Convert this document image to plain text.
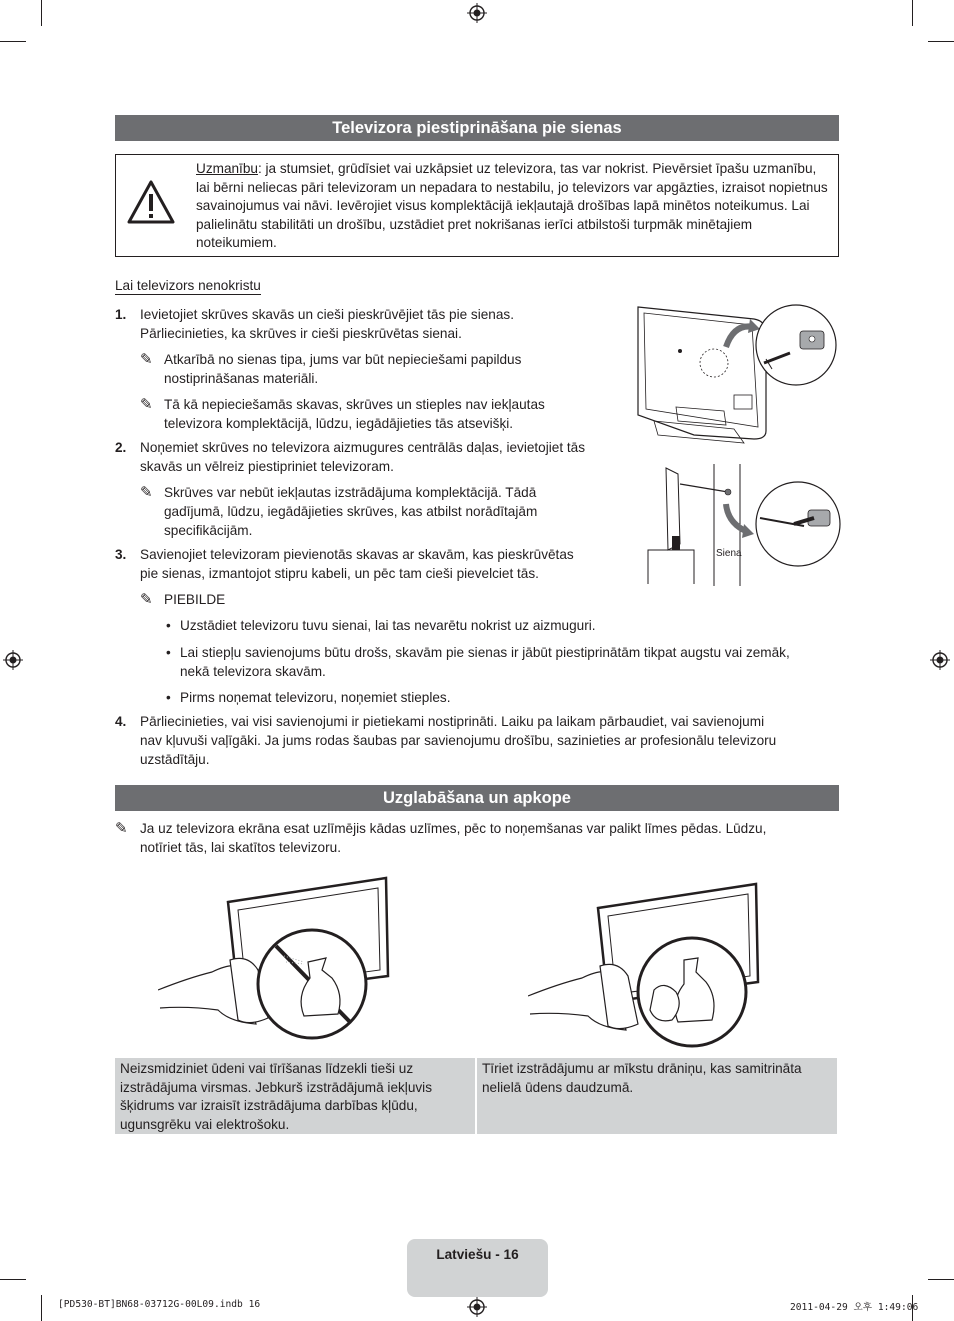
Televizora piestiprināšana pie sienas
Uzmanību: ja stumsiet, grūdīsiet vai uzkāpsiet uz televizora, tas var nokrist. Pievērsiet īpašu uzmanību, lai bērni neliecas pāri televizoram un nepadara to nestabilu, jo televizors var apgāzties, izraisot nopietnus savainojumus vai nāvi. Ievērojiet visus komplektācijā iekļautajā drošības lapā minētos noteikumus. Lai palielinātu stabilitāti un drošību, uzstādiet pret nokrišanas ierīci atbilstoši turpmāk minētajiem noteikumiem.
Lai televizors nenokristu
1. Ievietojiet skrūves skavās un cieši pieskrūvējiet tās pie sienas.
Pārliecinieties, ka skrūves ir cieši pieskrūvētas sienai.
✎ Atkarībā no sienas tipa, jums var būt nepieciešami papildus
nostiprināšanas materiāli.
✎ Tā kā nepieciešamās skavas, skrūves un stieples nav iekļautas
televizora komplektācijā, lūdzu, iegādājieties tās atsevišķi.
2. Noņemiet skrūves no televizora aizmugures centrālās daļas, ievietojiet tās
skavās un vēlreiz piestipriniet televizoram.
✎ Skrūves var nebūt iekļautas izstrādājuma komplektācijā. Tādā
gadījumā, lūdzu, iegādājieties skrūves, kas atbilst norādītajām
specifikācijām.
3. Savienojiet televizoram pievienotās skavas ar skavām, kas pieskrūvētas
pie sienas, izmantojot stipru kabeli, un pēc tam cieši pievelciet tās.
✎ PIEBILDE
• Uzstādiet televizoru tuvu sienai, lai tas nevarētu nokrist uz aizmuguri.
• Lai stiepļu savienojums būtu drošs, skavām pie sienas ir jābūt piestiprinātām tikpat augstu vai zemāk,
nekā televizora skavām.
• Pirms noņemat televizoru, noņemiet stieples.
4. Pārliecinieties, vai visi savienojumi ir pietiekami nostiprināti. Laiku pa laikam pārbaudiet, vai savienojumi
nav kļuvuši vaļīgāki. Ja jums rodas šaubas par savienojumu drošību, sazinieties ar profesionālu televizoru
uzstādītāju.
Siena
Uzglabāšana un apkope
✎ Ja uz televizora ekrāna esat uzlīmējis kādas uzlīmes, pēc to noņemšanas var palikt līmes pēdas. Lūdzu,
notīriet tās, lai skatītos televizoru.
Neizsmidziniet ūdeni vai tīrīšanas līdzekli tieši uz
izstrādājuma virsmas. Jebkurš izstrādājumā iekļuvis
šķidrums var izraisīt izstrādājuma darbības kļūdu,
ugunsgrēku vai elektrošoku.
Tīriet izstrādājumu ar mīkstu drāniņu, kas samitrināta
nelielā ūdens daudzumā.
Latviešu - 16
[PD530-BT]BN68-03712G-00L09.indb 16	2011-04-29 오후 1:49:06
